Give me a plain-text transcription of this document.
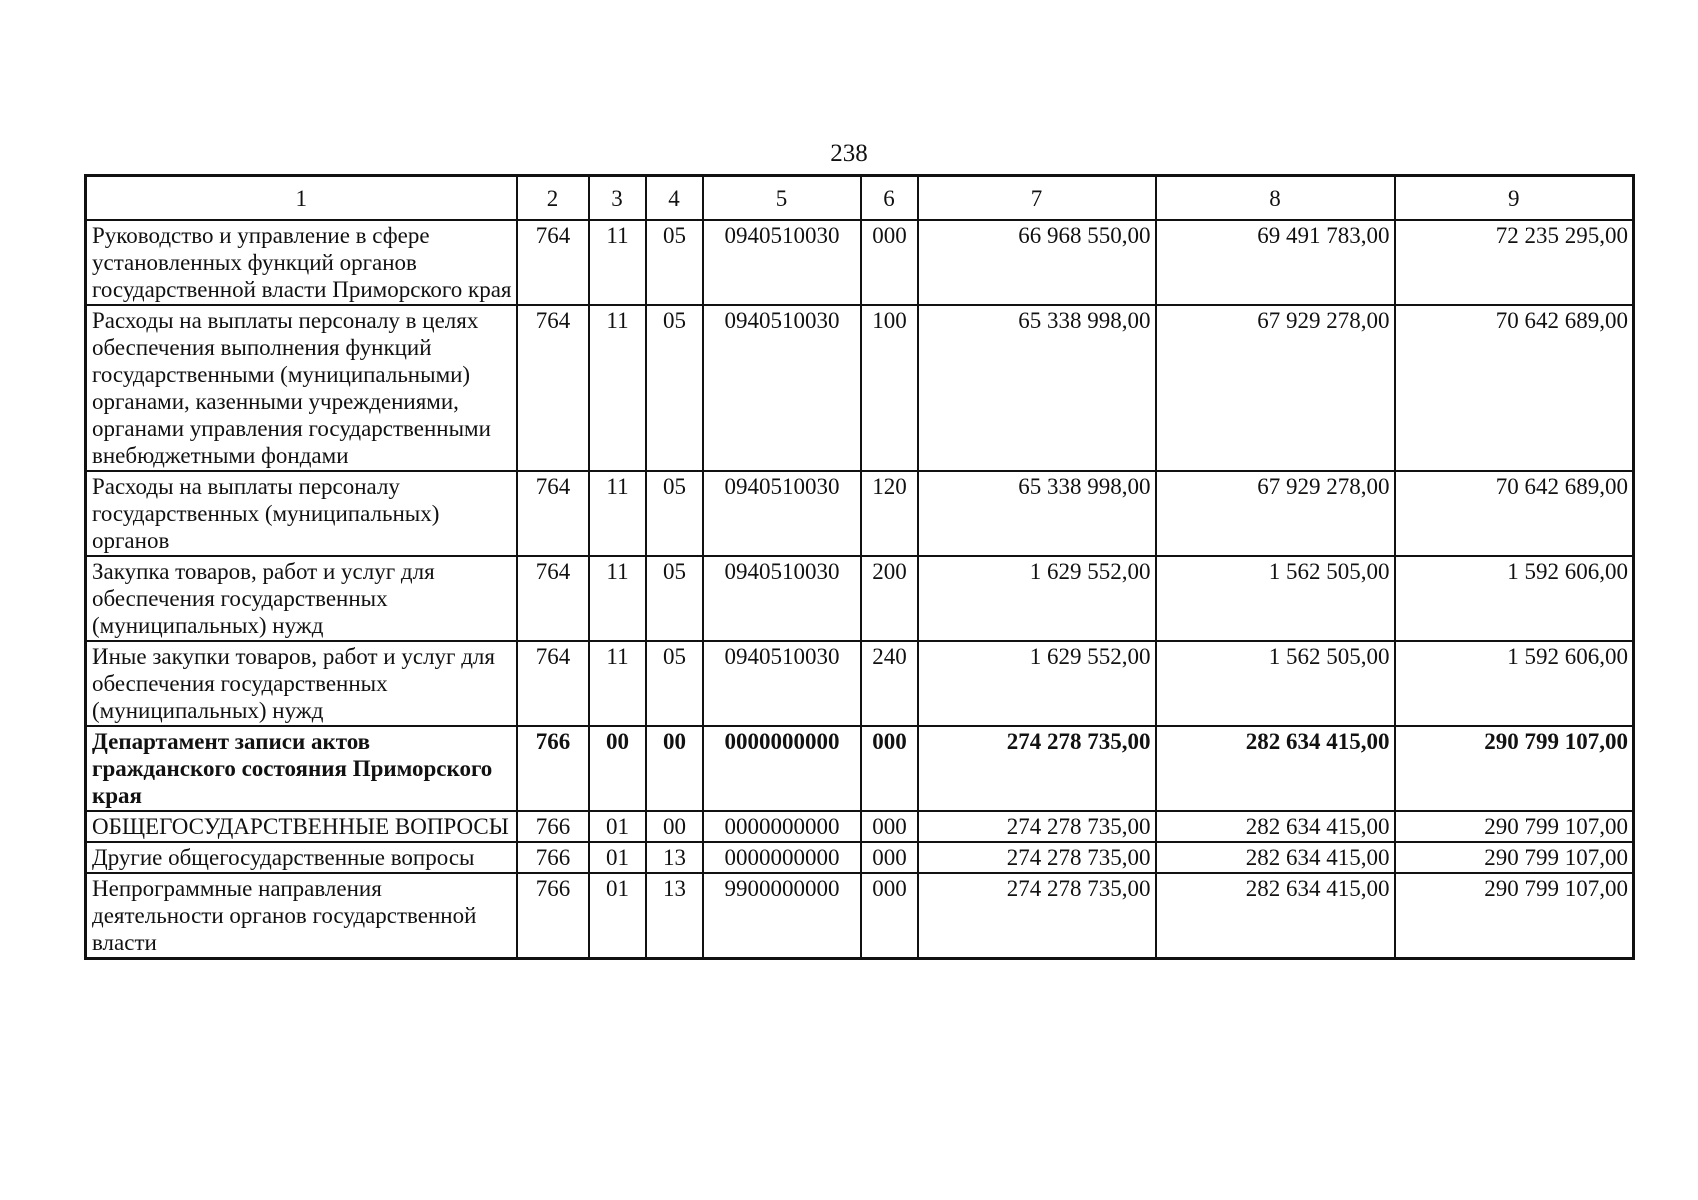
238
1	2	3	4	5	6	7	8	9
Руководство и управление в сфере установленных функций органов государственной власти Приморского края	764	11	05	0940510030	000	66 968 550,00	69 491 783,00	72 235 295,00
Расходы на выплаты персоналу в целях обеспечения выполнения функций государственными (муниципальными) органами, казенными учреждениями, органами управления государственными внебюджетными фондами	764	11	05	0940510030	100	65 338 998,00	67 929 278,00	70 642 689,00
Расходы на выплаты персоналу государственных (муниципальных) органов	764	11	05	0940510030	120	65 338 998,00	67 929 278,00	70 642 689,00
Закупка товаров, работ и услуг для обеспечения государственных (муниципальных) нужд	764	11	05	0940510030	200	1 629 552,00	1 562 505,00	1 592 606,00
Иные закупки товаров, работ и услуг для обеспечения государственных (муниципальных) нужд	764	11	05	0940510030	240	1 629 552,00	1 562 505,00	1 592 606,00
Департамент записи актов гражданского состояния Приморского края	766	00	00	0000000000	000	274 278 735,00	282 634 415,00	290 799 107,00
ОБЩЕГОСУДАРСТВЕННЫЕ ВОПРОСЫ	766	01	00	0000000000	000	274 278 735,00	282 634 415,00	290 799 107,00
Другие общегосударственные вопросы	766	01	13	0000000000	000	274 278 735,00	282 634 415,00	290 799 107,00
Непрограммные направления деятельности органов государственной власти	766	01	13	9900000000	000	274 278 735,00	282 634 415,00	290 799 107,00
